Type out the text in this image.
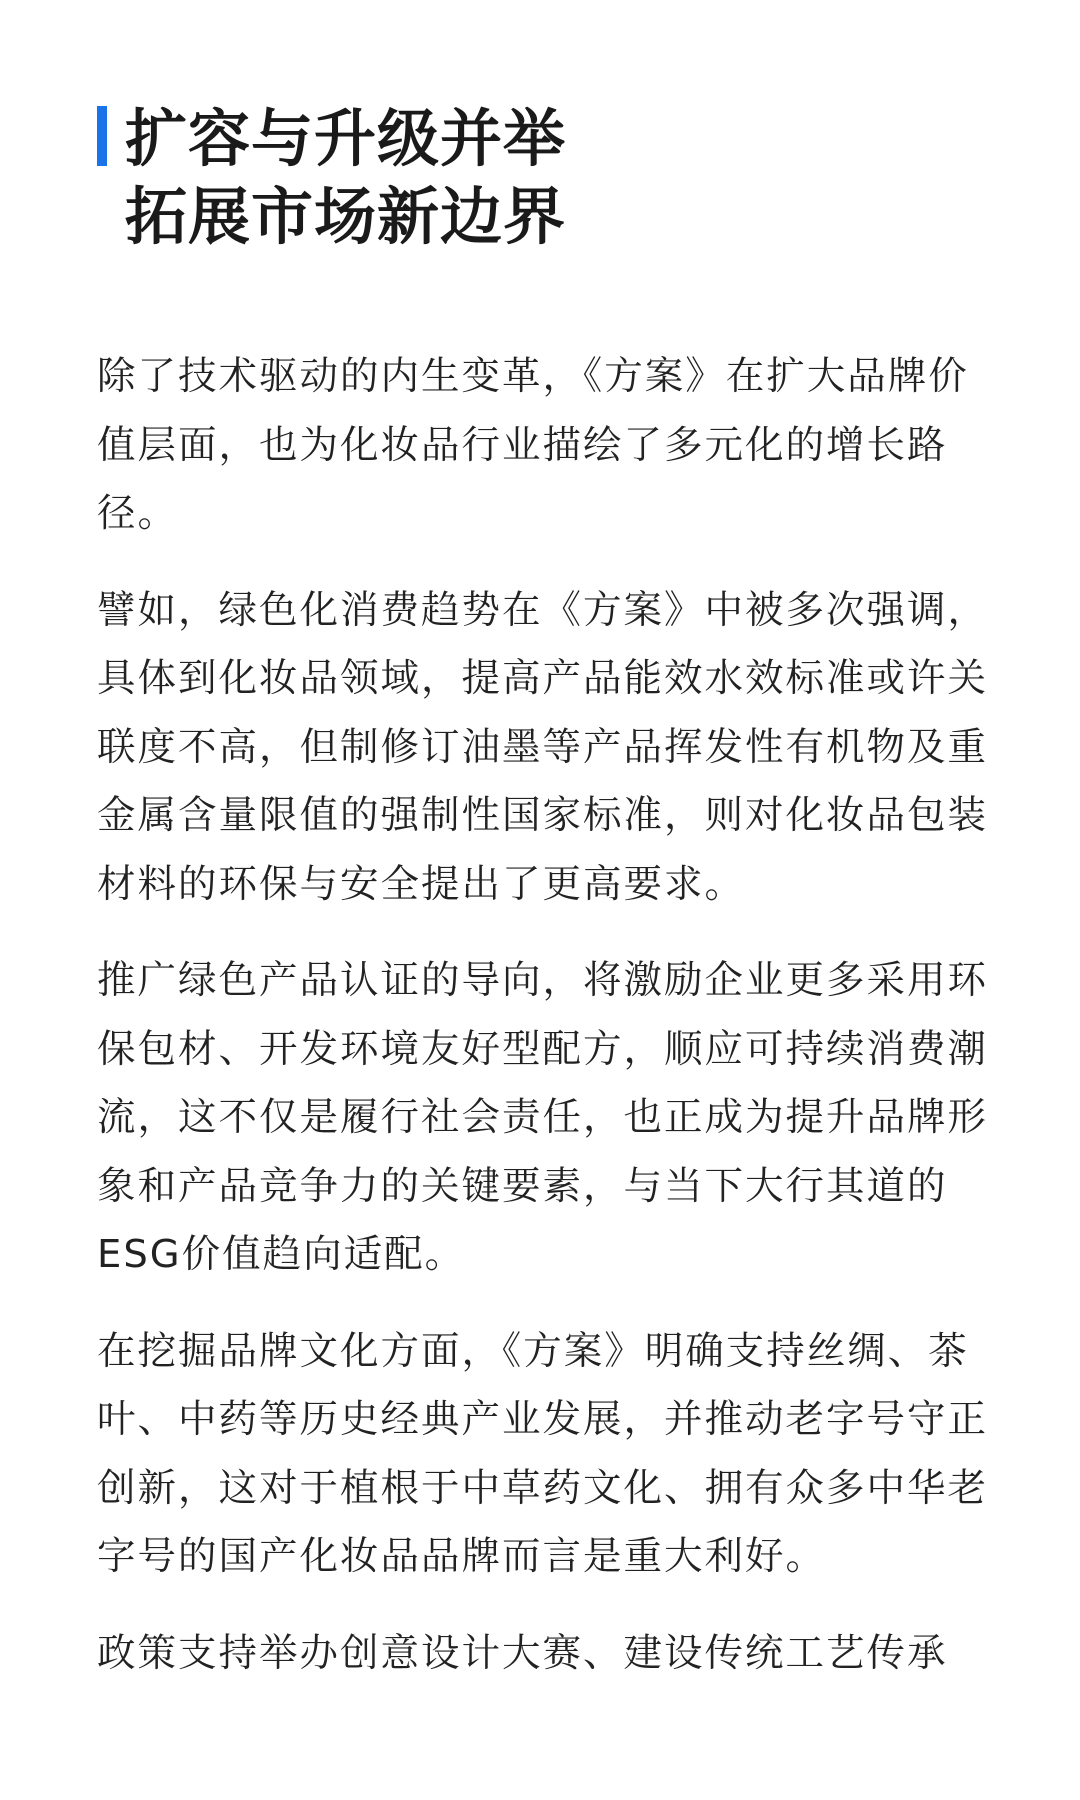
扩容与升级并举
拓展市场新边界

除了技术驱动的内生变革，《方案》在扩大品牌价值层面，也为化妆品行业描绘了多元化的增长路径。

譬如，绿色化消费趋势在《方案》中被多次强调，具体到化妆品领域，提高产品能效水效标准或许关联度不高，但制修订油墨等产品挥发性有机物及重金属含量限值的强制性国家标准，则对化妆品包装材料的环保与安全提出了更高要求。

推广绿色产品认证的导向，将激励企业更多采用环保包材、开发环境友好型配方，顺应可持续消费潮流，这不仅是履行社会责任，也正成为提升品牌形象和产品竞争力的关键要素，与当下大行其道的ESG价值趋向适配。

在挖掘品牌文化方面，《方案》明确支持丝绸、茶叶、中药等历史经典产业发展，并推动老字号守正创新，这对于植根于中草药文化、拥有众多中华老字号的国产化妆品品牌而言是重大利好。

政策支持举办创意设计大赛、建设传统工艺传承
